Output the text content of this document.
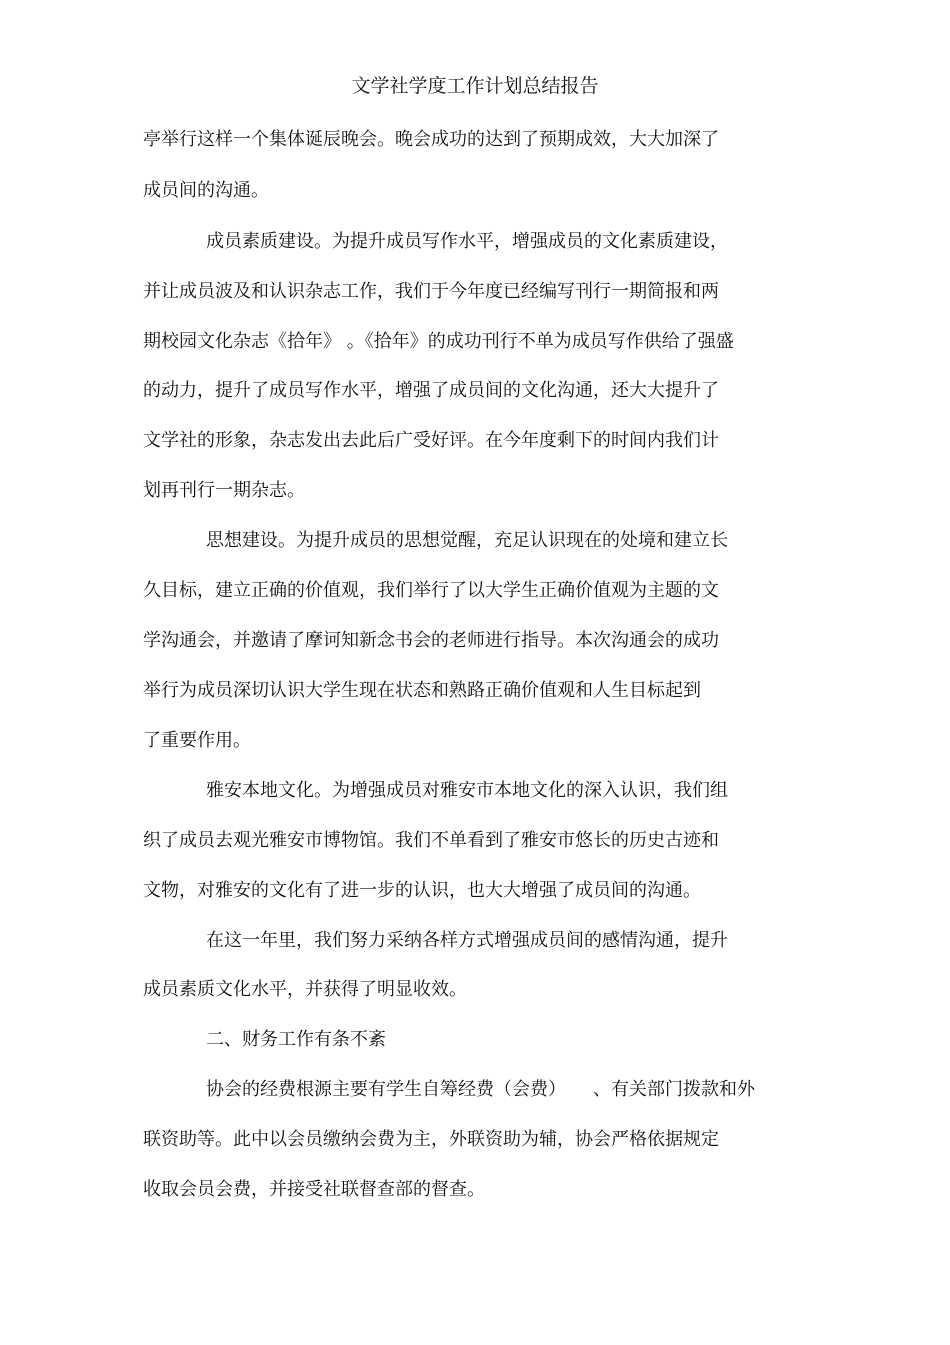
文学社学度工作计划总结报告
亭举行这样一个集体诞辰晚会。晚会成功的达到了预期成效，大大加深了
成员间的沟通。
成员素质建设。为提升成员写作水平，增强成员的文化素质建设，
并让成员波及和认识杂志工作，我们于今年度已经编写刊行一期简报和两
期校园文化杂志《拾年》 。《拾年》的成功刊行不单为成员写作供给了强盛
的动力，提升了成员写作水平，增强了成员间的文化沟通，还大大提升了
文学社的形象，杂志发出去此后广受好评。在今年度剩下的时间内我们计
划再刊行一期杂志。
思想建设。为提升成员的思想觉醒，充足认识现在的处境和建立长
久目标，建立正确的价值观，我们举行了以大学生正确价值观为主题的文
学沟通会，并邀请了摩诃知新念书会的老师进行指导。本次沟通会的成功
举行为成员深切认识大学生现在状态和熟路正确价值观和人生目标起到
了重要作用。
雅安本地文化。为增强成员对雅安市本地文化的深入认识，我们组
织了成员去观光雅安市博物馆。我们不单看到了雅安市悠长的历史古迹和
文物，对雅安的文化有了进一步的认识，也大大增强了成员间的沟通。
在这一年里，我们努力采纳各样方式增强成员间的感情沟通，提升
成员素质文化水平，并获得了明显收效。
二、财务工作有条不紊
协会的经费根源主要有学生自筹经费（会费）　　、有关部门拨款和外
联资助等。此中以会员缴纳会费为主，外联资助为辅，协会严格依据规定
收取会员会费，并接受社联督查部的督查。
